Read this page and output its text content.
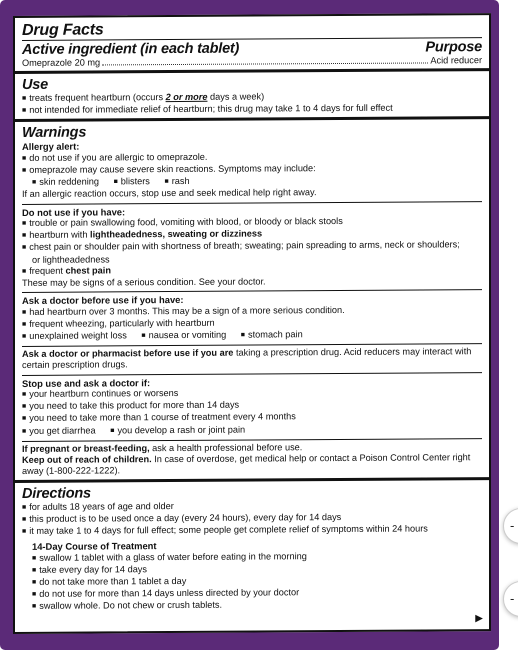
Drug Facts
Active ingredient (in each tablet)	Purpose
Omeprazole 20 mg	Acid reducer
Use
■ treats frequent heartburn (occurs 2 or more days a week)
■ not intended for immediate relief of heartburn; this drug may take 1 to 4 days for full effect
Warnings
Allergy alert:
■ do not use if you are allergic to omeprazole.
■ omeprazole may cause severe skin reactions. Symptoms may include:
■ skin reddening ■ blisters ■ rash
If an allergic reaction occurs, stop use and seek medical help right away.
Do not use if you have:
■ trouble or pain swallowing food, vomiting with blood, or bloody or black stools
■ heartburn with lightheadedness, sweating or dizziness
■ chest pain or shoulder pain with shortness of breath; sweating; pain spreading to arms, neck or shoulders;
or lightheadedness
■ frequent chest pain
These may be signs of a serious condition. See your doctor.
Ask a doctor before use if you have:
■ had heartburn over 3 months. This may be a sign of a more serious condition.
■ frequent wheezing, particularly with heartburn
■ unexplained weight loss ■ nausea or vomiting ■ stomach pain
Ask a doctor or pharmacist before use if you are taking a prescription drug. Acid reducers may interact with certain prescription drugs.
Stop use and ask a doctor if:
■ your heartburn continues or worsens
■ you need to take this product for more than 14 days
■ you need to take more than 1 course of treatment every 4 months
■ you get diarrhea ■ you develop a rash or joint pain
If pregnant or breast-feeding, ask a health professional before use.
Keep out of reach of children. In case of overdose, get medical help or contact a Poison Control Center right away (1-800-222-1222).
Directions
■ for adults 18 years of age and older
■ this product is to be used once a day (every 24 hours), every day for 14 days
■ it may take 1 to 4 days for full effect; some people get complete relief of symptoms within 24 hours
14-Day Course of Treatment
■ swallow 1 tablet with a glass of water before eating in the morning
■ take every day for 14 days
■ do not take more than 1 tablet a day
■ do not use for more than 14 days unless directed by your doctor
■ swallow whole. Do not chew or crush tablets.
▶
-
-
